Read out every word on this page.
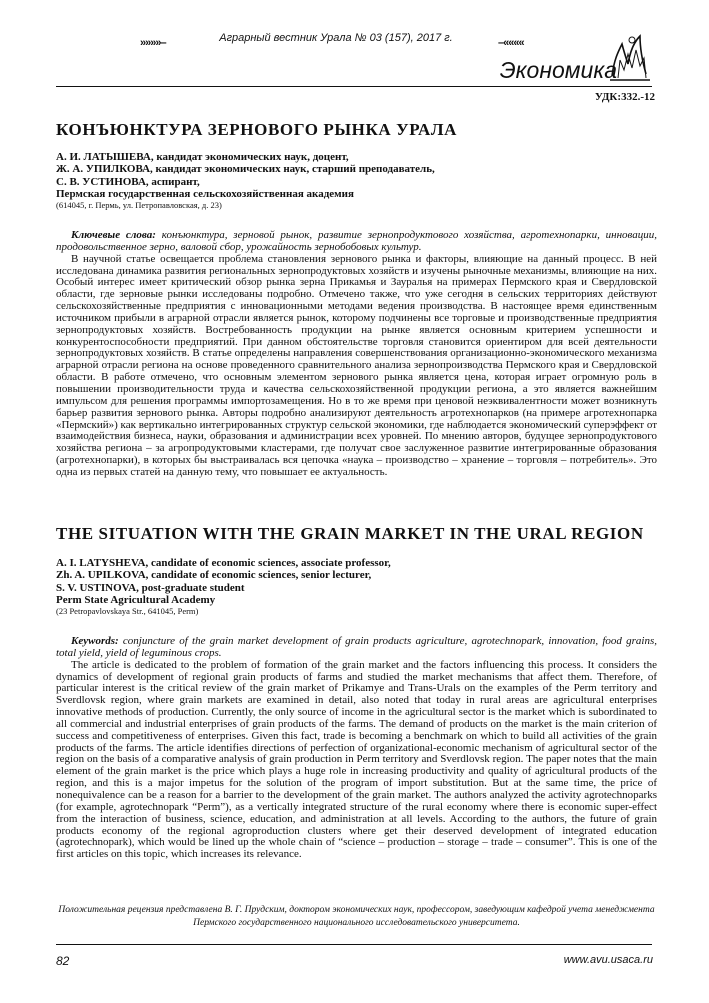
»»»»–	Аграрный вестник Урала № 03 (157), 2017 г.	–««««
Экономика
УДК:332.-12
КОНЪЮНКТУРА ЗЕРНОВОГО РЫНКА УРАЛА
А. И. ЛАТЫШЕВА, кандидат экономических наук, доцент,
Ж. А. УПИЛКОВА, кандидат экономических наук, старший преподаватель,
С. В. УСТИНОВА, аспирант,
Пермская государственная сельскохозяйственная академия
(614045, г. Пермь, ул. Петропавловская, д. 23)

Ключевые слова: конъюнктура, зерновой рынок, развитие зернопродуктового хозяйства, агротехнопарки, инновации, продовольственное зерно, валовой сбор, урожайность зернобобовых культур.

В научной статье освещается проблема становления зернового рынка и факторы, влияющие на данный процесс. В ней исследована динамика развития региональных зернопродуктовых хозяйств и изучены рыночные механизмы, влияющие на них. Особый интерес имеет критический обзор рынка зерна Прикамья и Зауралья на примерах Пермского края и Свердловской области, где зерновые рынки исследованы подробно. Отмечено также, что уже сегодня в сельских территориях действуют сельскохозяйственные предприятия с инновационными методами ведения производства. В настоящее время единственным источником прибыли в аграрной отрасли является рынок, которому подчинены все торговые и производственные предприятия зернопродуктовых хозяйств. Востребованность продукции на рынке является основным критерием успешности и конкурентоспособности предприятий. При данном обстоятельстве торговля становится ориентиром для всей деятельности зернопродуктовых хозяйств. В статье определены направления совершенствования организационно-экономического механизма аграрной отрасли региона на основе проведенного сравнительного анализа зернопроизводства Пермского края и Свердловской области. В работе отмечено, что основным элементом зернового рынка является цена, которая играет огромную роль в повышении производительности труда и качества сельскохозяйственной продукции региона, а это является важнейшим импульсом для решения программы импортозамещения. Но в то же время при ценовой неэквивалентности может возникнуть барьер развития зернового рынка. Авторы подробно анализируют деятельность агротехнопарков (на примере агротехнопарка «Пермский») как вертикально интегрированных структур сельской экономики, где наблюдается экономический суперэффект от взаимодействия бизнеса, науки, образования и администрации всех уровней. По мнению авторов, будущее зернопродуктового хозяйства региона – за агропродуктовыми кластерами, где получат свое заслуженное развитие интегрированные образования (агротехнопарки), в которых бы выстраивалась вся цепочка «наука – производство – хранение – торговля – потребитель». Это одна из первых статей на данную тему, что повышает ее актуальность.

THE SITUATION WITH THE GRAIN MARKET IN THE URAL REGION
A. I. LATYSHEVA, candidate of economic sciences, associate professor,
Zh. A. UPILKOVA, candidate of economic sciences, senior lecturer,
S. V. USTINOVA, post-graduate student
Perm State Agricultural Academy
(23 Petropavlovskaya Str., 641045, Perm)

Keywords: conjuncture of the grain market development of grain products agriculture, agrotechnopark, innovation, food grains, total yield, yield of leguminous crops.

The article is dedicated to the problem of formation of the grain market and the factors influencing this process. It considers the dynamics of development of regional grain products of farms and studied the market mechanisms that affect them. Therefore, of particular interest is the critical review of the grain market of Prikamye and Trans-Urals on the examples of the Perm territory and Sverdlovsk region, where grain markets are examined in detail, also noted that today in rural areas are agricultural enterprises innovative methods of production. Currently, the only source of income in the agricultural sector is the market which is subordinated to all commercial and industrial enterprises of grain products of the farms. The demand of products on the market is the main criterion of success and competitiveness of enterprises. Given this fact, trade is becoming a benchmark on which to build all activities of the grain products of the farms. The article identifies directions of perfection of organizational-economic mechanism of agricultural sector of the region on the basis of a comparative analysis of grain production in Perm territory and Sverdlovsk region. The paper notes that the main element of the grain market is the price which plays a huge role in increasing productivity and quality of agricultural products of the region, and this is a major impetus for the solution of the program of import substitution. But at the same time, the price of nonequivalence can be a reason for a barrier to the development of the grain market. The authors analyzed the activity agrotechnoparks (for example, agrotechnopark “Perm”), as a vertically integrated structure of the rural economy where there is economic super-effect from the interaction of business, science, education, and administration at all levels. According to the authors, the future of grain products economy of the regional agroproduction clusters where get their deserved development of integrated education (agrotechnopark), which would be lined up the whole chain of “science – production – storage – trade – consumer”. This is one of the first articles on this topic, which increases its relevance.

Положительная рецензия представлена В. Г. Прудским, доктором экономических наук, профессором, заведующим кафедрой учета менеджмента Пермского государственного национального исследовательского университета.
82	www.avu.usaca.ru
